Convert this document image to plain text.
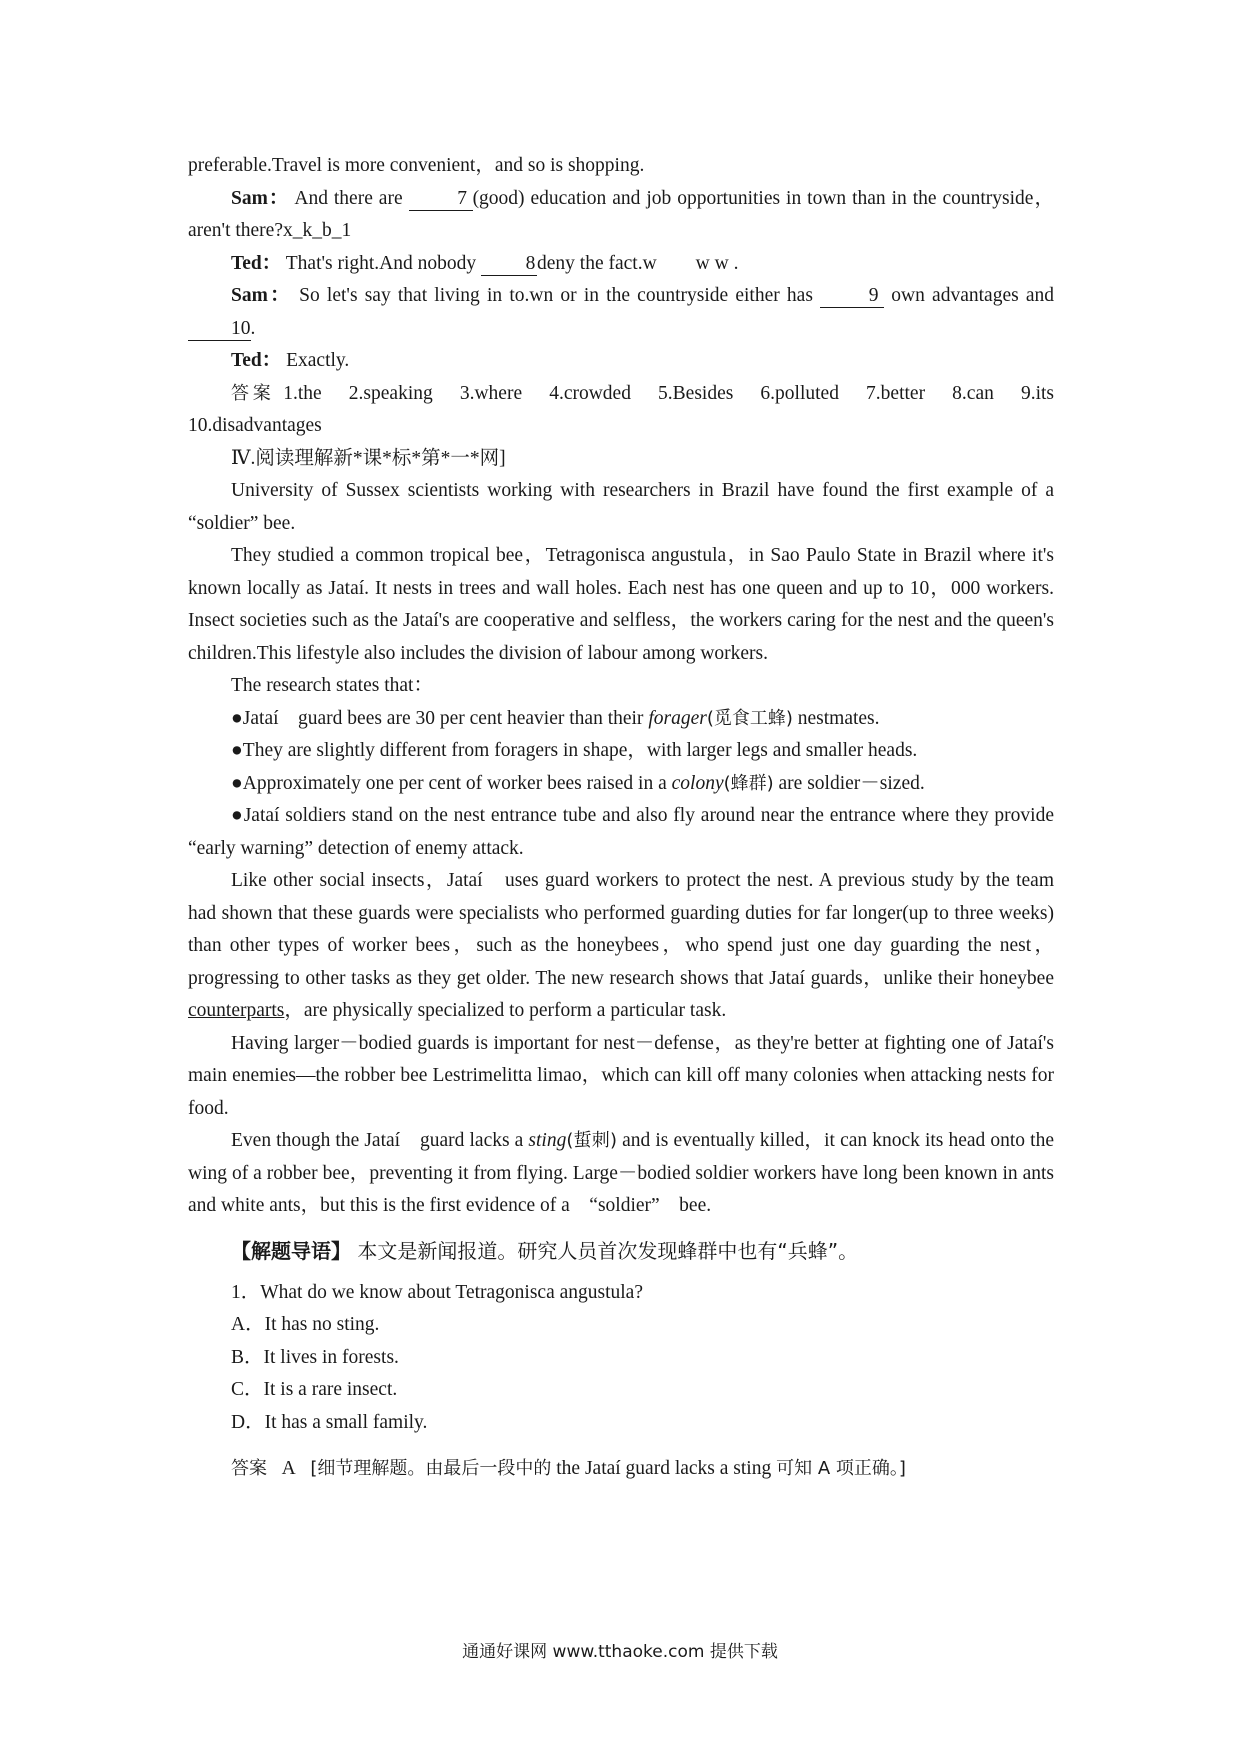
preferable.Travel is more convenient，and so is shopping.

Sam： And there are	7 (good) education and job opportunities in town than in the countryside，aren't there?x_k_b_1

Ted： That's right.And nobody	8deny the fact.w　　w w .

Sam： So let's say that living in to.wn or in the countryside either has	9 own advantages and 10.

Ted： Exactly.

答案 1.the　2.speaking　3.where　4.crowded　5.Besides　6.polluted　7.better　8.can　9.its　10.disadvantages

Ⅳ.阅读理解新*课*标*第*一*网]

University of Sussex scientists working with researchers in Brazil have found the first example of a “soldier” bee.

They studied a common tropical bee，Tetragonisca angustula，in Sao Paulo State in Brazil where it's known locally as Jataí. It nests in trees and wall holes. Each nest has one queen and up to 10，000 workers. Insect societies such as the Jataí's are cooperative and selfless，the workers caring for the nest and the queen's children.This lifestyle also includes the division of labour among workers.

The research states that：

●Jataí　guard bees are 30 per cent heavier than their forager(觅食工蜂) nestmates.

●They are slightly different from foragers in shape，with larger legs and smaller heads.

●Approximately one per cent of worker bees raised in a colony(蜂群) are soldier－sized.

●Jataí soldiers stand on the nest entrance tube and also fly around near the entrance where they provide “early warning” detection of enemy attack.

Like other social insects，Jataí　uses guard workers to protect the nest. A previous study by the team had shown that these guards were specialists who performed guarding duties for far longer(up to three weeks) than other types of worker bees，such as the honeybees，who spend just one day guarding the nest，progressing to other tasks as they get older. The new research shows that Jataí guards，unlike their honeybee counterparts，are physically specialized to perform a particular task.

Having larger－bodied guards is important for nest－defense，as they're better at fighting one of Jataí's main enemies—the robber bee Lestrimelitta limao，which can kill off many colonies when attacking nests for food.

Even though the Jataí　guard lacks a sting(蜇刺) and is eventually killed，it can knock its head onto the wing of a robber bee，preventing it from flying. Large－bodied soldier workers have long been known in ants and white ants，but this is the first evidence of a　“soldier”　bee.

【解题导语】 本文是新闻报道。研究人员首次发现蜂群中也有“兵蜂”。

1．What do we know about Tetragonisca angustula?

A．It has no sting.

B．It lives in forests.

C．It is a rare insect.

D．It has a small family.

答案 A [细节理解题。由最后一段中的 the Jataí guard lacks a sting 可知 A 项正确。]

通通好课网 www.tthaoke.com 提供下载
